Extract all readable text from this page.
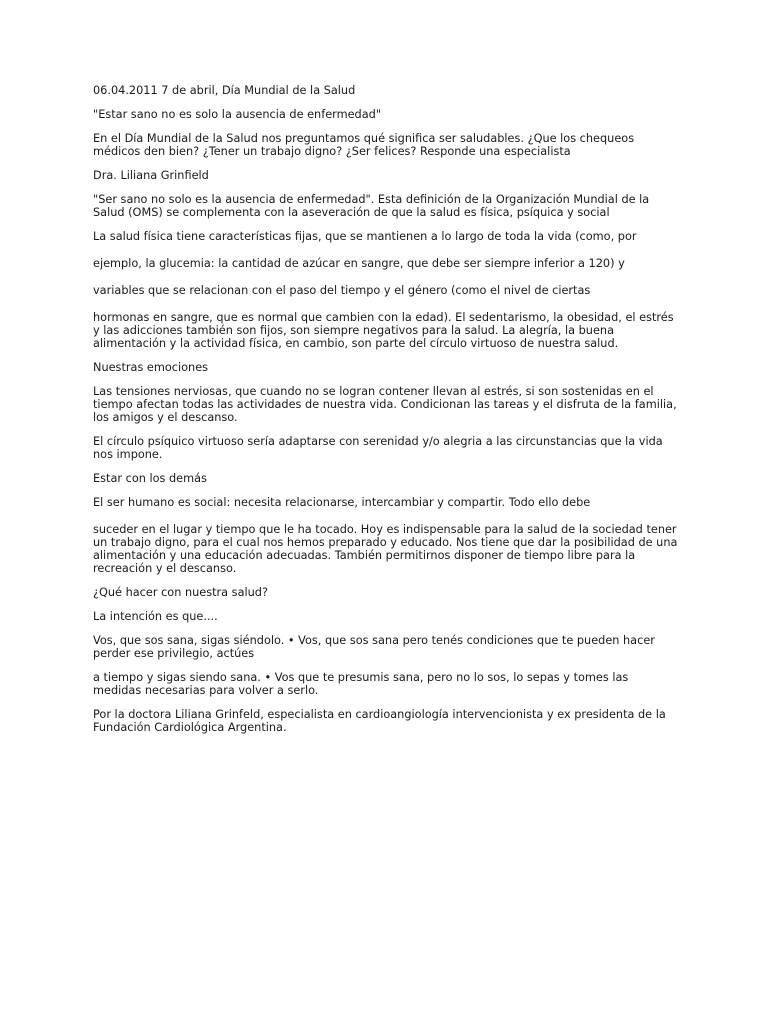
06.04.2011 7 de abril, Día Mundial de la Salud

"Estar sano no es solo la ausencia de enfermedad"

En el Día Mundial de la Salud nos preguntamos qué significa ser saludables. ¿Que los chequeos médicos den bien? ¿Tener un trabajo digno? ¿Ser felices? Responde una especialista

Dra. Liliana Grinfield

"Ser sano no solo es la ausencia de enfermedad". Esta definición de la Organización Mundial de la Salud (OMS) se complementa con la aseveración de que la salud es física, psíquica y social

La salud física tiene características fijas, que se mantienen a lo largo de toda la vida (como, por

ejemplo, la glucemia: la cantidad de azúcar en sangre, que debe ser siempre inferior a 120) y

variables que se relacionan con el paso del tiempo y el género (como el nivel de ciertas

hormonas en sangre, que es normal que cambien con la edad). El sedentarismo, la obesidad, el estrés y las adicciones también son fijos, son siempre negativos para la salud. La alegría, la buena alimentación y la actividad física, en cambio, son parte del círculo virtuoso de nuestra salud.

Nuestras emociones

Las tensiones nerviosas, que cuando no se logran contener llevan al estrés, si son sostenidas en el tiempo afectan todas las actividades de nuestra vida. Condicionan las tareas y el disfruta de la familia, los amigos y el descanso.

El círculo psíquico virtuoso sería adaptarse con serenidad y/o alegria a las circunstancias que la vida nos impone.

Estar con los demás

El ser humano es social: necesita relacionarse, intercambiar y compartir. Todo ello debe

suceder en el lugar y tiempo que le ha tocado. Hoy es indispensable para la salud de la sociedad tener un trabajo digno, para el cual nos hemos preparado y educado. Nos tiene que dar la posibilidad de una alimentación y una educación adecuadas. También permitirnos disponer de tiempo libre para la recreación y el descanso.

¿Qué hacer con nuestra salud?

La intención es que....

Vos, que sos sana, sigas siéndolo. • Vos, que sos sana pero tenés condiciones que te pueden hacer perder ese privilegio, actúes

a tiempo y sigas siendo sana. • Vos que te presumis sana, pero no lo sos, lo sepas y tomes las medidas necesarias para volver a serlo.

Por la doctora Liliana Grinfeld, especialista en cardioangiología intervencionista y ex presidenta de la Fundación Cardiológica Argentina.
